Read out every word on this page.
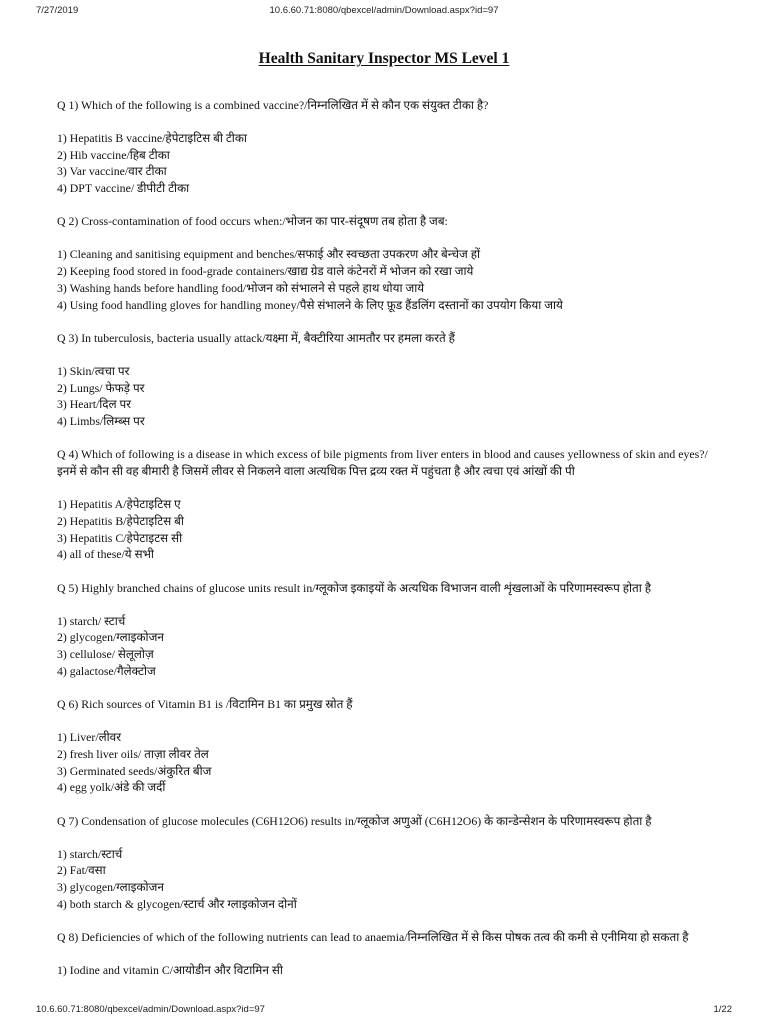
7/27/2019	10.6.60.71:8080/qbexcel/admin/Download.aspx?id=97
Health Sanitary Inspector MS Level 1

Q 1) Which of the following is a combined vaccine?/निम्नलिखित में से कौन एक संयुक्त टीका है?

1) Hepatitis B vaccine/हेपेटाइटिस बी टीका
2) Hib vaccine/हिब टीका
3) Var vaccine/वार टीका
4) DPT vaccine/ डीपीटी टीका

Q 2) Cross-contamination of food occurs when:/भोजन का पार-संदूषण तब होता है जब:

1) Cleaning and sanitising equipment and benches/सफाई और स्वच्छता उपकरण और बेन्चेज हों
2) Keeping food stored in food-grade containers/खाद्य ग्रेड वाले कंटेनरों में भोजन को रखा जाये
3) Washing hands before handling food/भोजन को संभालने से पहले हाथ धोया जाये
4) Using food handling gloves for handling money/पैसे संभालने के लिए फ़ूड हैंडलिंग दस्तानों का उपयोग किया जाये

Q 3) In tuberculosis, bacteria usually attack/यक्ष्मा में, बैक्टीरिया आमतौर पर हमला करते हैं

1) Skin/त्वचा पर
2) Lungs/ फेफड़े पर
3) Heart/दिल पर
4) Limbs/लिम्ब्स पर

Q 4) Which of following is a disease in which excess of bile pigments from liver enters in blood and causes yellowness of skin and eyes?/इनमें से कौन सी वह बीमारी है जिसमें लीवर से निकलने वाला अत्यधिक पित्त द्रव्य रक्त में पहुंचता है और त्वचा एवं आंखों की पी

1) Hepatitis A/हेपेटाइटिस ए
2) Hepatitis B/हेपेटाइटिस बी
3) Hepatitis C/हेपेटाइटस सी
4) all of these/ये सभी

Q 5) Highly branched chains of glucose units result in/ग्लूकोज इकाइयों के अत्यधिक विभाजन वाली शृंखलाओं के परिणामस्वरूप होता है

1) starch/ स्टार्च
2) glycogen/ग्लाइकोजन
3) cellulose/ सेलूलोज़
4) galactose/गैलेक्टोज

Q 6) Rich sources of Vitamin B1 is /विटामिन B1 का प्रमुख स्रोत हैं

1) Liver/लीवर
2) fresh liver oils/ ताज़ा लीवर तेल
3) Germinated seeds/अंकुरित बीज
4) egg yolk/अंडे की जर्दी

Q 7) Condensation of glucose molecules (C6H12O6) results in/ग्लूकोज अणुओं (C6H12O6) के कान्डेन्सेशन के परिणामस्वरूप होता है

1) starch/स्टार्च
2) Fat/वसा
3) glycogen/ग्लाइकोजन
4) both starch & glycogen/स्टार्च और ग्लाइकोजन दोनों

Q 8) Deficiencies of which of the following nutrients can lead to anaemia/निम्नलिखित में से किस पोषक तत्व की कमी से एनीमिया हो सकता है

1) Iodine and vitamin C/आयोडीन और विटामिन सी
10.6.60.71:8080/qbexcel/admin/Download.aspx?id=97	1/22
